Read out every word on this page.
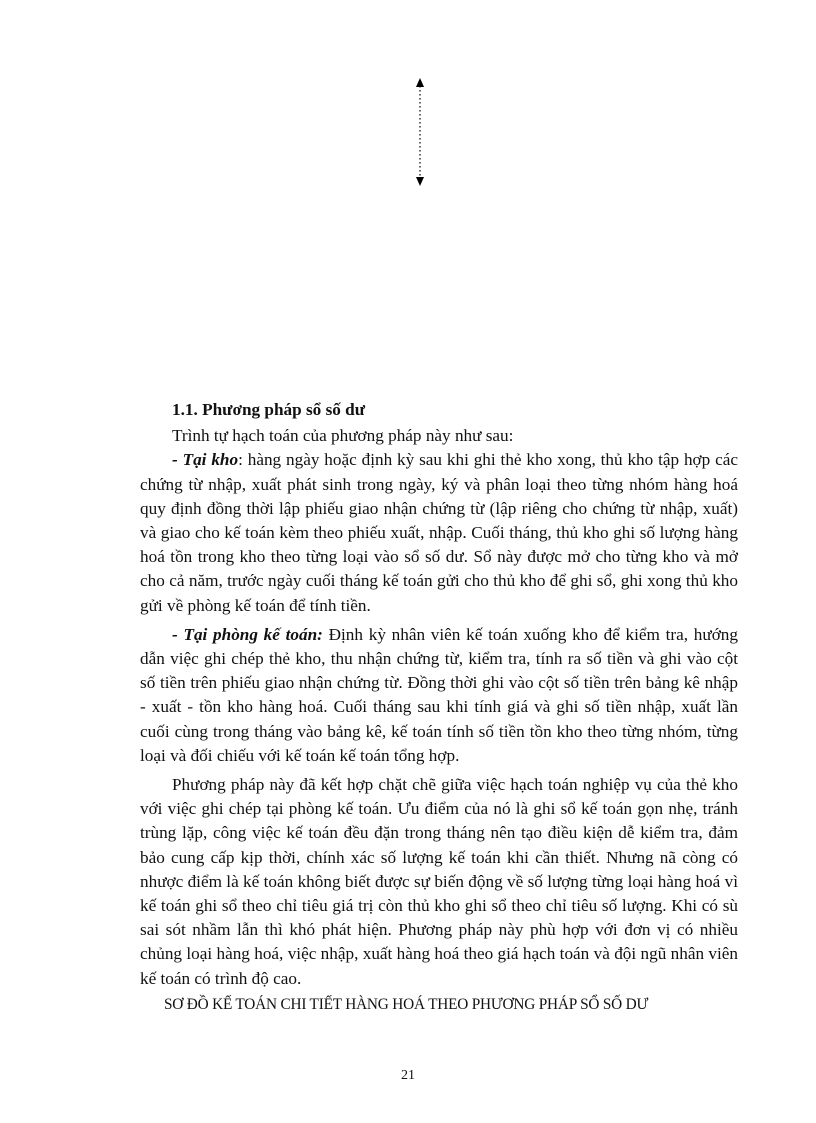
1.1. Phương pháp sổ số dư

Trình tự hạch toán của phương pháp này như sau:

- Tại kho: hàng ngày hoặc định kỳ sau khi ghi thẻ kho xong, thủ kho tập hợp các chứng từ nhập, xuất phát sinh trong ngày, ký và phân loại theo từng nhóm hàng hoá quy định đồng thời lập phiếu giao nhận chứng từ (lập riêng cho chứng từ nhập, xuất) và giao cho kế toán kèm theo phiếu xuất, nhập. Cuối tháng, thủ kho ghi số lượng hàng hoá tồn trong kho theo từng loại vào sổ số dư. Sổ này được mở cho từng kho và mở cho cả năm, trước ngày cuối tháng kế toán gửi cho thủ kho để ghi sổ, ghi xong thủ kho gửi về phòng kế toán để tính tiền.

- Tại phòng kế toán: Định kỳ nhân viên kế toán xuống kho để kiểm tra, hướng dẫn việc ghi chép thẻ kho, thu nhận chứng từ, kiểm tra, tính ra số tiền và ghi vào cột số tiền trên phiếu giao nhận chứng từ. Đồng thời ghi vào cột số tiền trên bảng kê nhập - xuất - tồn kho hàng hoá. Cuối tháng sau khi tính giá và ghi số tiền nhập, xuất lần cuối cùng trong tháng vào bảng kê, kế toán tính số tiền tồn kho theo từng nhóm, từng loại và đối chiếu với kế toán kế toán tổng hợp.

Phương pháp này đã kết hợp chặt chẽ giữa việc hạch toán nghiệp vụ của thẻ kho với việc ghi chép tại phòng kế toán. Ưu điểm của nó là ghi sổ kế toán gọn nhẹ, tránh trùng lặp, công việc kế toán đều đặn trong tháng nên tạo điều kiện dễ kiểm tra, đảm bảo cung cấp kịp thời, chính xác số lượng kế toán khi cần thiết. Nhưng nã còng có nhược điểm là kế toán không biết được sự biến động về số lượng từng loại hàng hoá vì kế toán ghi sổ theo chỉ tiêu giá trị còn thủ kho ghi sổ theo chỉ tiêu số lượng. Khi có sù sai sót nhầm lẫn thì khó phát hiện. Phương pháp này phù hợp với đơn vị có nhiều chủng loại hàng hoá, việc nhập, xuất hàng hoá theo giá hạch toán và đội ngũ nhân viên kế toán có trình độ cao.

SƠ ĐỒ KẾ TOÁN CHI TIẾT HÀNG HOÁ THEO PHƯƠNG PHÁP SỔ SỐ DƯ
21
